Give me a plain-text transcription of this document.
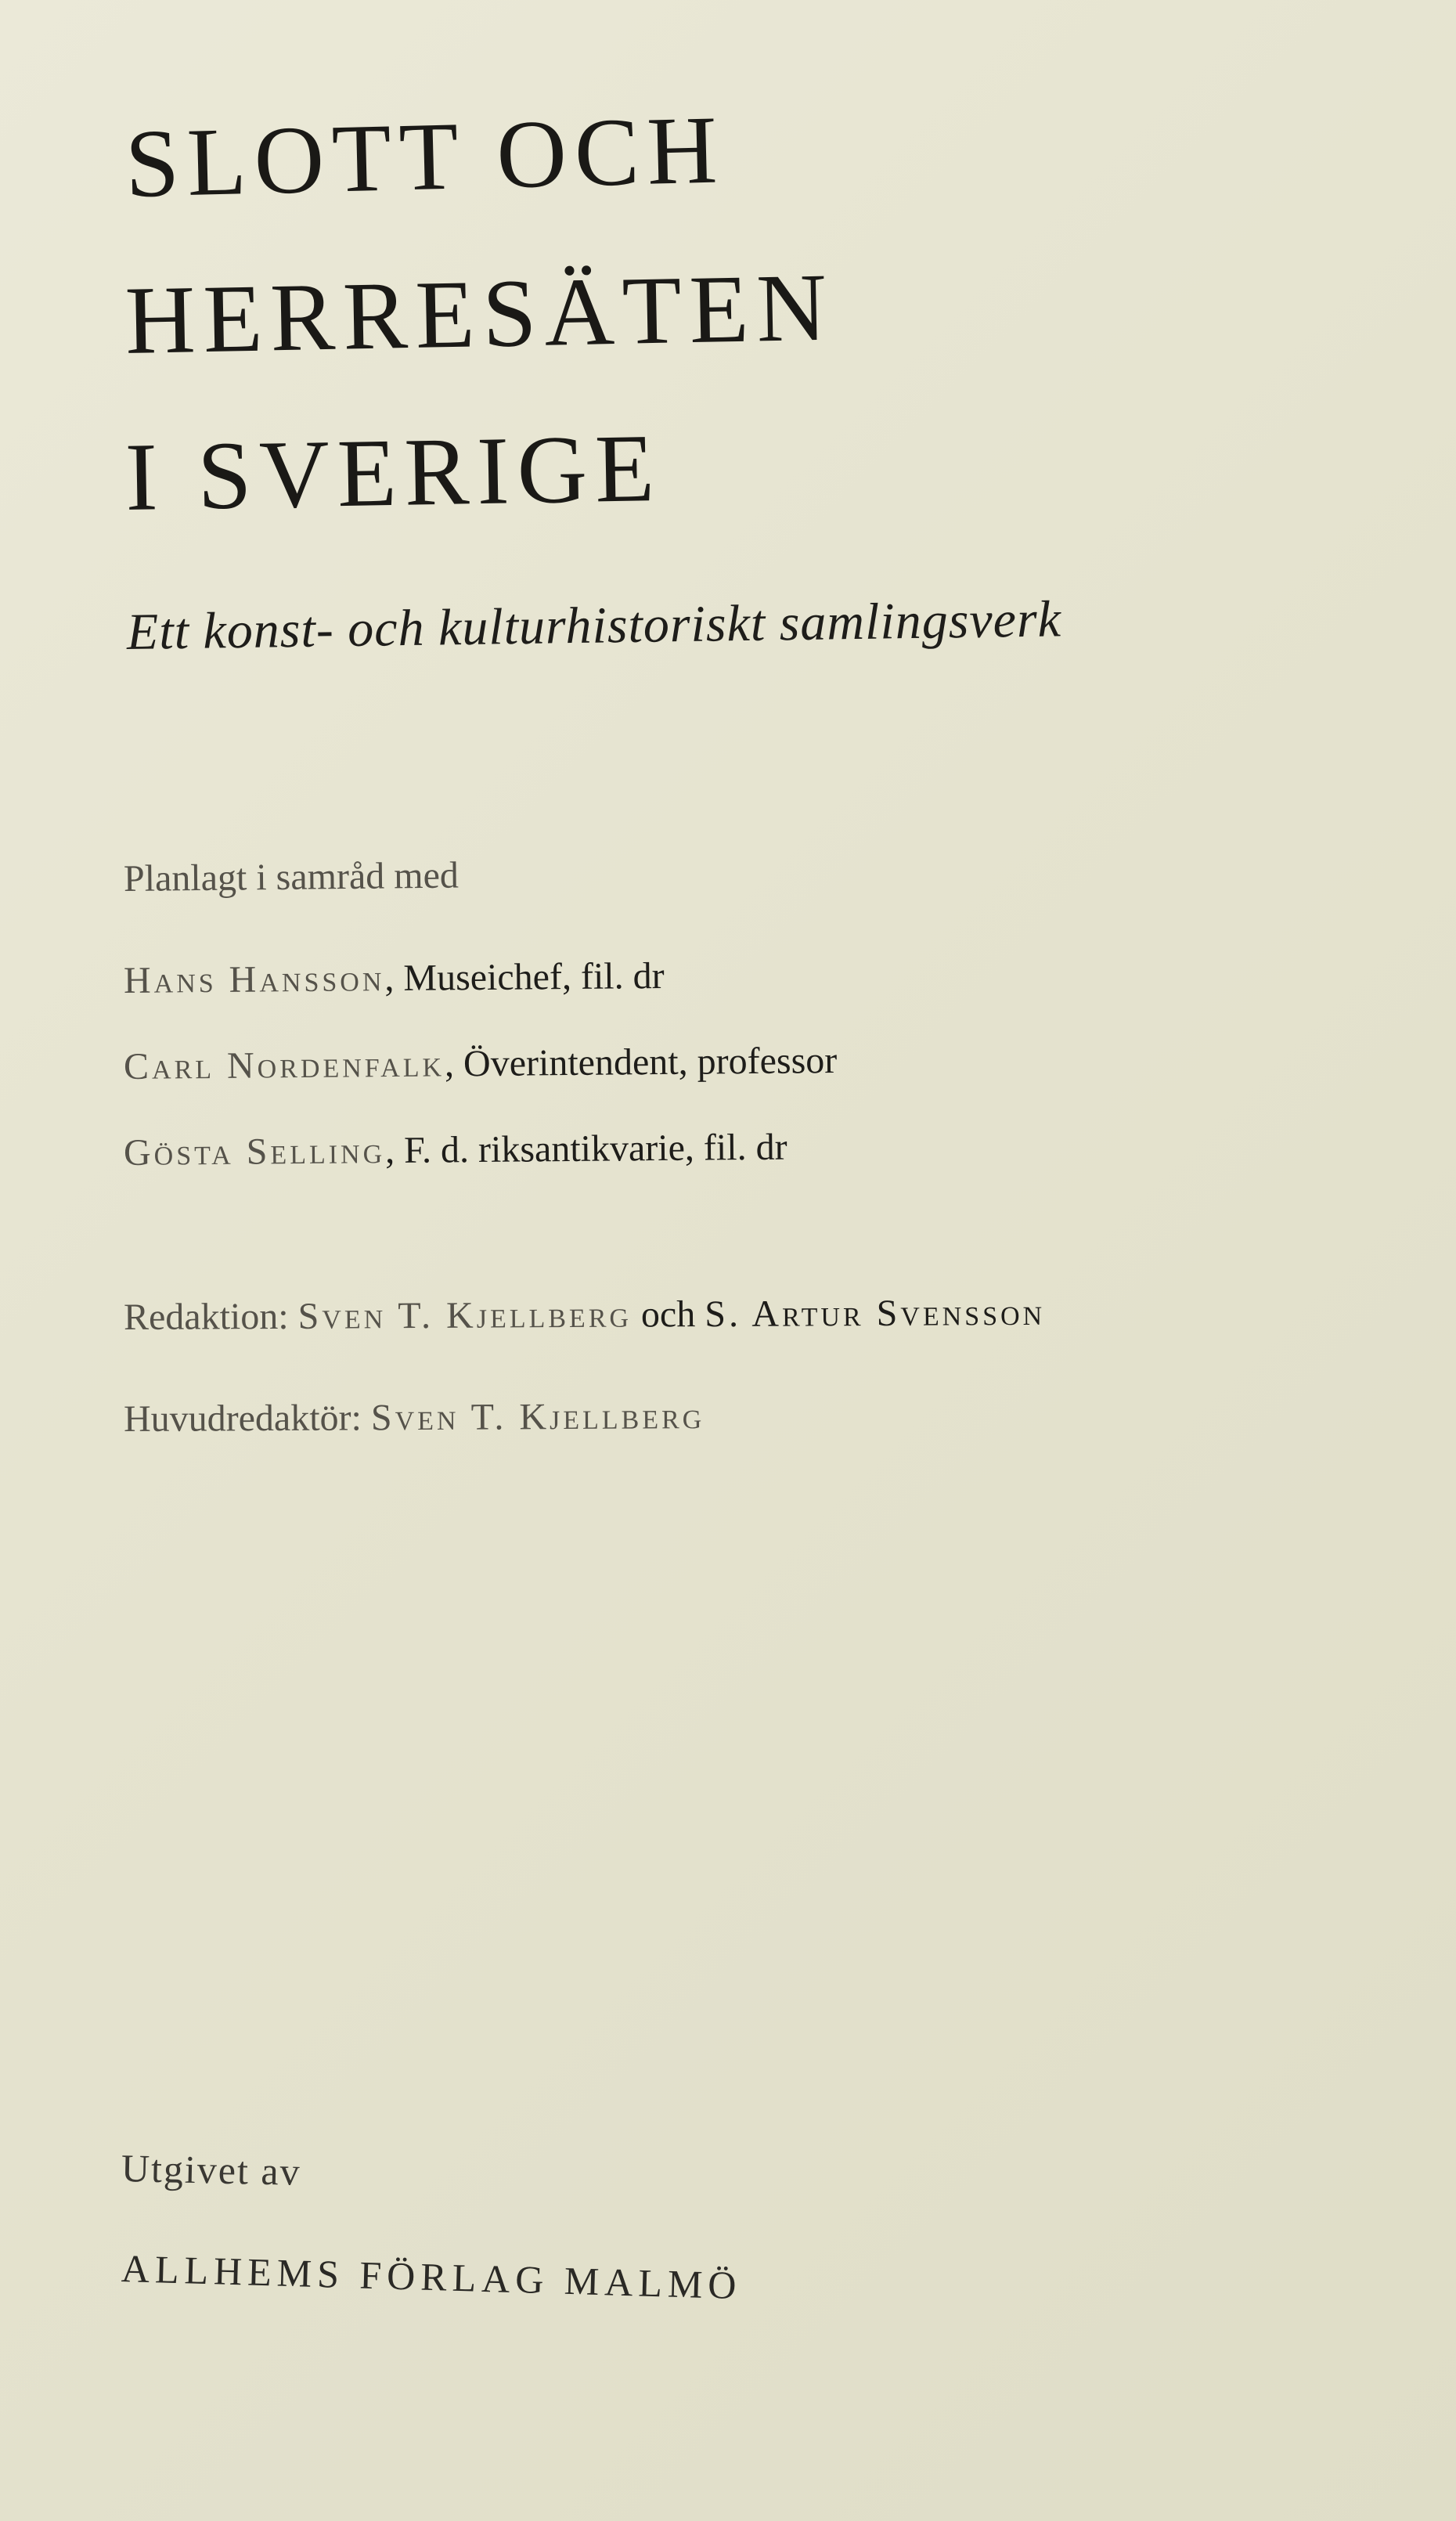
SLOTT OCH
HERRESÄTEN
I SVERIGE
Ett konst- och kulturhistoriskt samlingsverk
Planlagt i samråd med
Hans Hansson, Museichef, fil. dr
Carl Nordenfalk, Överintendent, professor
Gösta Selling, F. d. riksantikvarie, fil. dr
Redaktion: Sven T. Kjellberg och S. Artur Svensson
Huvudredaktör: Sven T. Kjellberg
Utgivet av
ALLHEMS FÖRLAG MALMÖ
